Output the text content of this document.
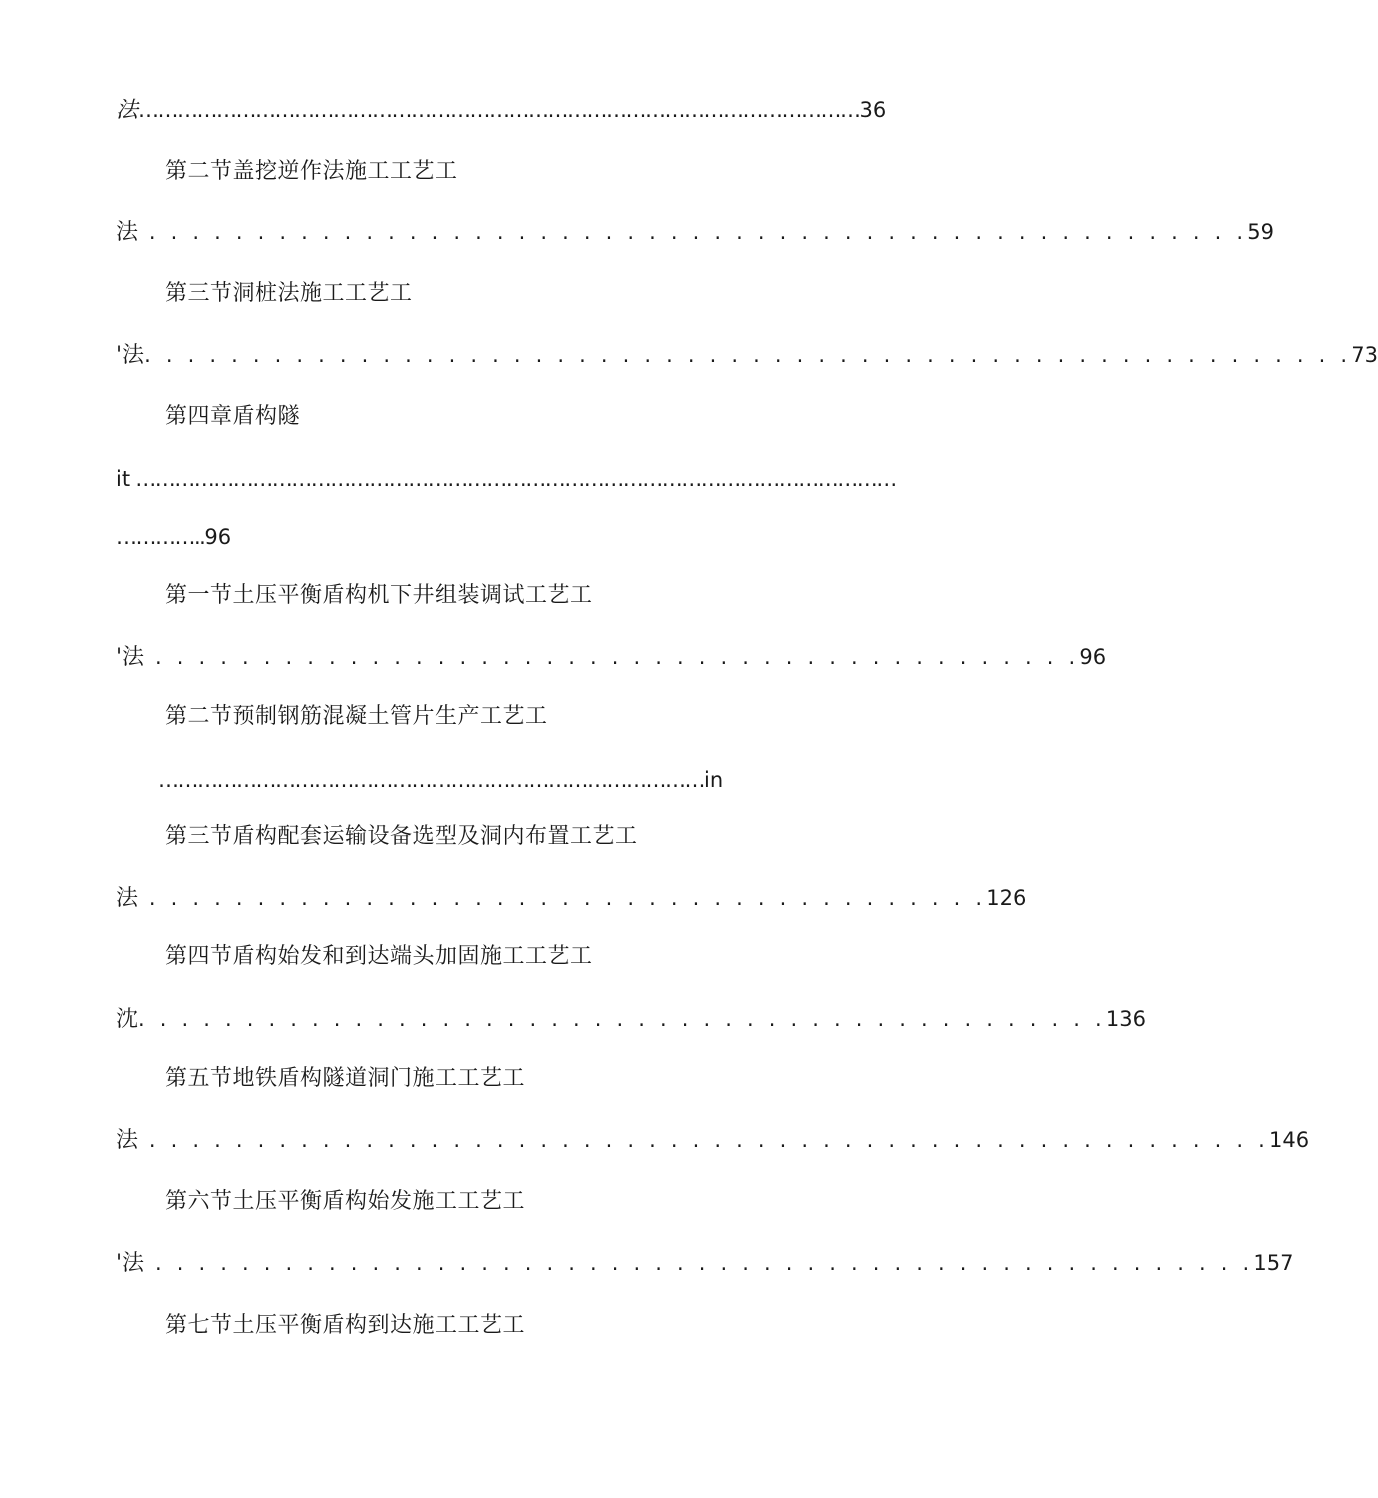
法…………………………………………………………………………………………………36
第二节盖挖逆作法施工工艺工
法 . . . . . . . . . . . . . . . . . . . . . . . . . . . . . . . . . . . . . . . . . . . . . . . . . . .59
第三节洞桩法施工工艺工
'法. . . . . . . . . . . . . . . . . . . . . . . . . . . . . . . . . . . . . . . . . . . . . . . . . . . . . . . .73
第四章盾构隧
it ………………………………………………………………………………………………………
…………..96
第一节土压平衡盾构机下井组装调试工艺工
'法 . . . . . . . . . . . . . . . . . . . . . . . . . . . . . . . . . . . . . . . . . . .96
第二节预制钢筋混凝土管片生产工艺工
…………………………………………………………………………in
第三节盾构配套运输设备选型及洞内布置工艺工
法 . . . . . . . . . . . . . . . . . . . . . . . . . . . . . . . . . . . . . . .126
第四节盾构始发和到达端头加固施工工艺工
沈. . . . . . . . . . . . . . . . . . . . . . . . . . . . . . . . . . . . . . . . . . . . .136
第五节地铁盾构隧道洞门施工工艺工
法 . . . . . . . . . . . . . . . . . . . . . . . . . . . . . . . . . . . . . . . . . . . . . . . . . . . .146
第六节土压平衡盾构始发施工工艺工
'法 . . . . . . . . . . . . . . . . . . . . . . . . . . . . . . . . . . . . . . . . . . . . . . . . . . .157
第七节土压平衡盾构到达施工工艺工
